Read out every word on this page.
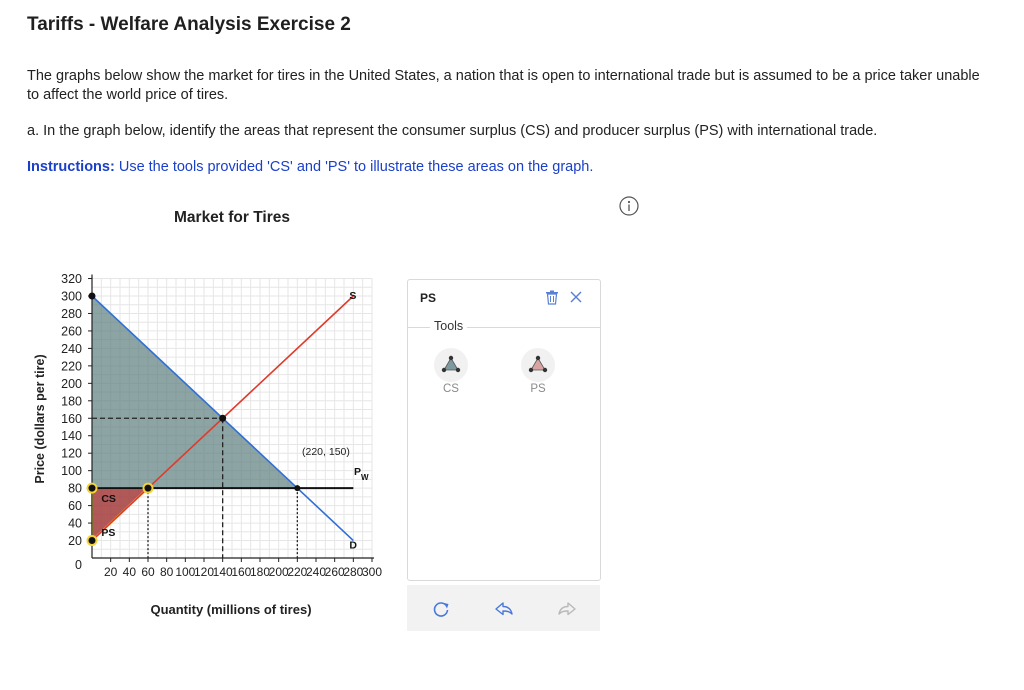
Tariffs - Welfare Analysis Exercise 2
The graphs below show the market for tires in the United States, a nation that is open to international trade but is assumed to be a price taker unable to affect the world price of tires.
a. In the graph below, identify the areas that represent the consumer surplus (CS) and producer surplus (PS) with international trade.
Instructions: Use the tools provided 'CS' and 'PS' to illustrate these areas on the graph.
Market for Tires
20
40
60
80
100
120
140
160
180
200
220
240
260
280
300
320
20 40 60 80 100
120
140
160
180
200
220
240
260
280
300
0
S
D
$P_W$
CS
PS
(220, 150)
Price (dollars per tire)
Quantity (millions of tires)
PS
Tools
CS	PS
